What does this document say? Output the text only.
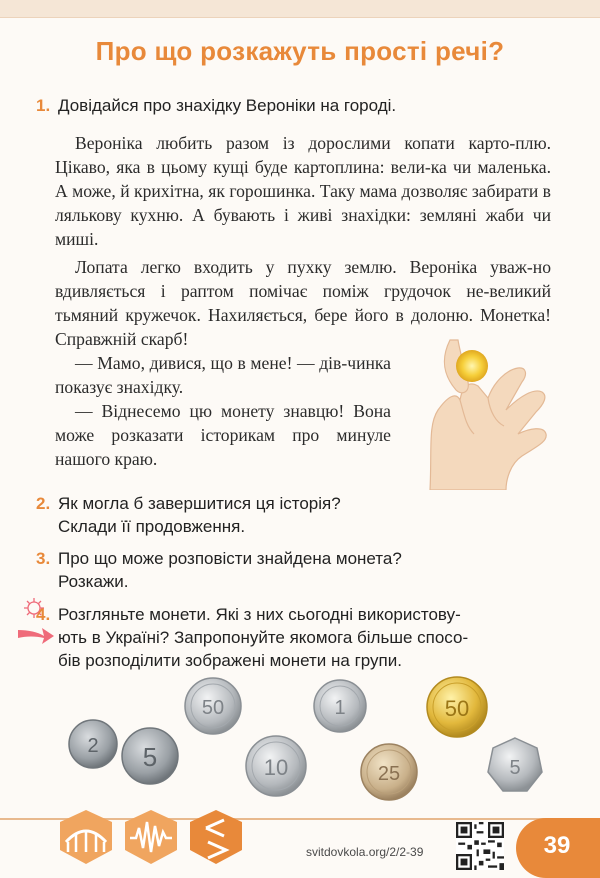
Про що розкажуть прості речі?
1. Довідайся про знахідку Вероніки на городі.

Вероніка любить разом із дорослими копати карто-плю. Цікаво, яка в цьому кущі буде картоплина: вели-ка чи маленька. А може, й крихітна, як горошинка. Таку мама дозволяє забирати в лялькову кухню. А бувають і живі знахідки: земляні жаби чи миші.

Лопата легко входить у пухку землю. Вероніка уваж-но вдивляється і раптом помічає поміж грудочок не-великий тьмяний кружечок. Нахиляється, бере його в долоню. Монетка! Справжній скарб!

— Мамо, дивися, що в мене! — дів-чинка показує знахідку.

— Віднесемо цю монету знавцю! Вона може розказати історикам про минуле нашого краю.

2. Як могла б завершитися ця історія?
Склади її продовження.
3. Про що може розповісти знайдена монета?
Розкажи.
4. Розгляньте монети. Які з них сьогодні використову-
ють в Україні? Запропонуйте якомога більше спосо-
бів розподілити зображені монети на групи.
2 5
50
10
1
25
50
5
svitdovkola.org/2/2-39	39
